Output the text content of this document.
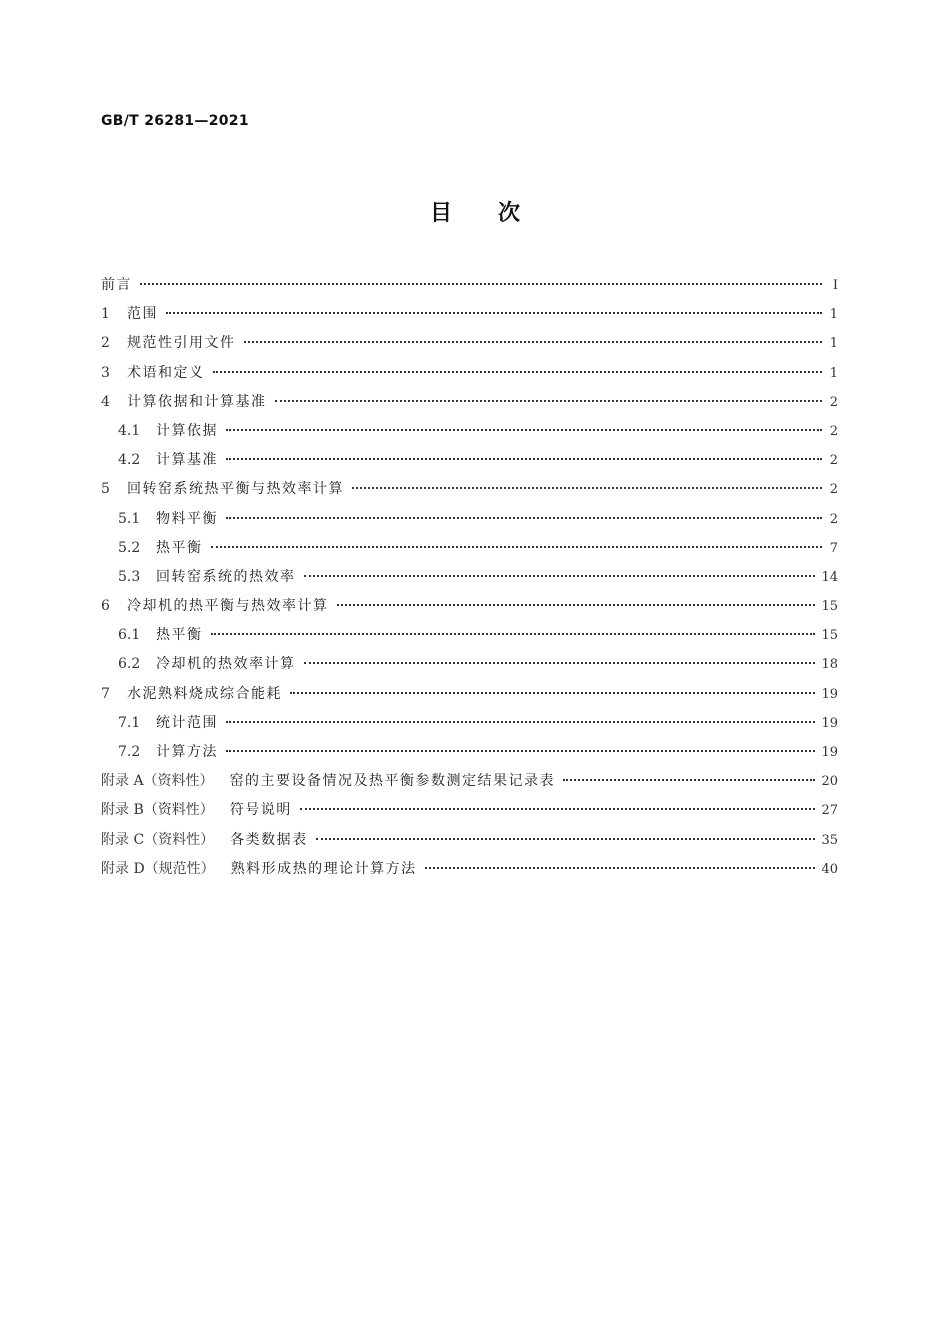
GB/T 26281—2021
目次
前言	I
1	范围	1
2	规范性引用文件	1
3	术语和定义	1
4	计算依据和计算基准	2
4.1	计算依据	2
4.2	计算基准	2
5	回转窑系统热平衡与热效率计算	2
5.1	物料平衡	2
5.2	热平衡	7
5.3	回转窑系统的热效率	14
6	冷却机的热平衡与热效率计算	15
6.1	热平衡	15
6.2	冷却机的热效率计算	18
7	水泥熟料烧成综合能耗	19
7.1	统计范围	19
7.2	计算方法	19
附录 A（资料性） 窑的主要设备情况及热平衡参数测定结果记录表	20
附录 B（资料性） 符号说明	27
附录 C（资料性） 各类数据表	35
附录 D（规范性） 熟料形成热的理论计算方法	40
